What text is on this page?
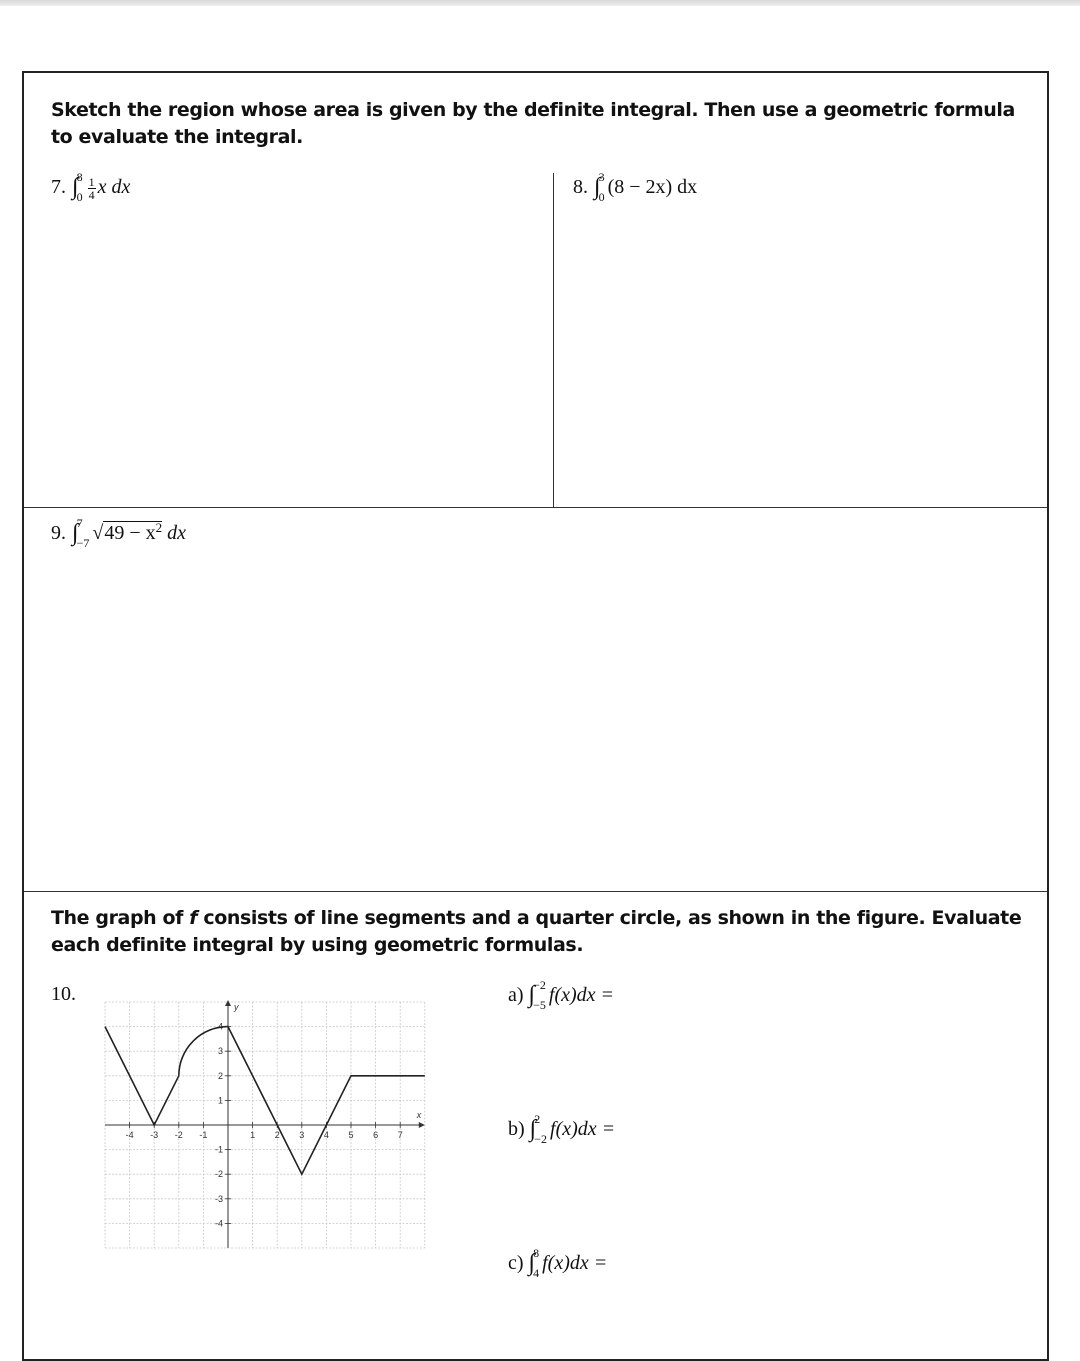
Sketch the region whose area is given by the definite integral. Then use a geometric formula to evaluate the integral.
7. ∫
8
$0 \frac{1}{4}$ x dx	8. ∫
3
0 (8 − 2x) dx
9. ∫
7
−7 $√49 - x^2$ dx
The graph of f consists of line segments and a quarter circle, as shown in the figure. Evaluate each definite integral by using geometric formulas.
10.	a) ∫
−2
−5 f(x)dx =
b) ∫
2
−2 f(x)dx =
c) ∫
8
4 f(x)dx =
x
y
-4 -3 -2 -1	1 2 3 4 5 6 7
4
3
2
1
-1
-2
-3
-4
